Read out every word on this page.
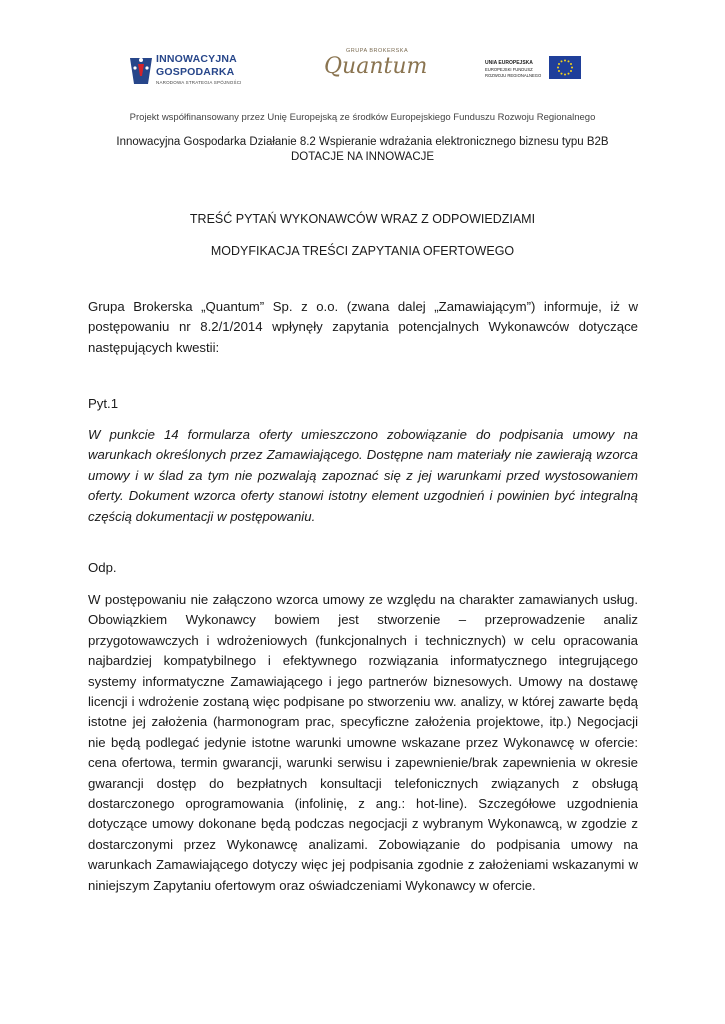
INNOWACYJNA
GOSPODARKA
NARODOWA STRATEGIA SPÓJNOŚCI
GRUPA BROKERSKA
Quantum	UNIA EUROPEJSKA
EUROPEJSKI FUNDUSZ
ROZWOJU REGIONALNEGO
Projekt współfinansowany przez Unię Europejską ze środków Europejskiego Funduszu Rozwoju Regionalnego
Innowacyjna Gospodarka Działanie 8.2 Wspieranie wdrażania elektronicznego biznesu typu B2B
DOTACJE NA INNOWACJE
TREŚĆ PYTAŃ WYKONAWCÓW WRAZ Z ODPOWIEDZIAMI
MODYFIKACJA TREŚCI ZAPYTANIA OFERTOWEGO
Grupa Brokerska „Quantum” Sp. z o.o. (zwana dalej „Zamawiającym”) informuje, iż w postępowaniu nr 8.2/1/2014 wpłynęły zapytania potencjalnych Wykonawców dotyczące następujących kwestii:
Pyt.1
W punkcie 14 formularza oferty umieszczono zobowiązanie do podpisania umowy na warunkach określonych przez Zamawiającego. Dostępne nam materiały nie zawierają wzorca umowy i w ślad za tym nie pozwalają zapoznać się z jej warunkami przed wystosowaniem oferty. Dokument wzorca oferty stanowi istotny element uzgodnień i powinien być integralną częścią dokumentacji w postępowaniu.
Odp.
W postępowaniu nie załączono wzorca umowy ze względu na charakter zamawianych usług. Obowiązkiem Wykonawcy bowiem jest stworzenie – przeprowadzenie analiz przygotowawczych i wdrożeniowych (funkcjonalnych i technicznych) w celu opracowania najbardziej kompatybilnego i efektywnego rozwiązania informatycznego integrującego systemy informatyczne Zamawiającego i jego partnerów biznesowych. Umowy na dostawę licencji i wdrożenie zostaną więc podpisane po stworzeniu ww. analizy, w której zawarte będą istotne jej założenia (harmonogram prac, specyficzne założenia projektowe, itp.) Negocjacji nie będą podlegać jedynie istotne warunki umowne wskazane przez Wykonawcę w ofercie: cena ofertowa, termin gwarancji, warunki serwisu i zapewnienie/brak zapewnienia w okresie gwarancji dostęp do bezpłatnych konsultacji telefonicznych związanych z obsługą dostarczonego oprogramowania (infolinię, z ang.: hot-line). Szczegółowe uzgodnienia dotyczące umowy dokonane będą podczas negocjacji z wybranym Wykonawcą, w zgodzie z dostarczonymi przez Wykonawcę analizami. Zobowiązanie do podpisania umowy na warunkach Zamawiającego dotyczy więc jej podpisania zgodnie z założeniami wskazanymi w niniejszym Zapytaniu ofertowym oraz oświadczeniami Wykonawcy w ofercie.
